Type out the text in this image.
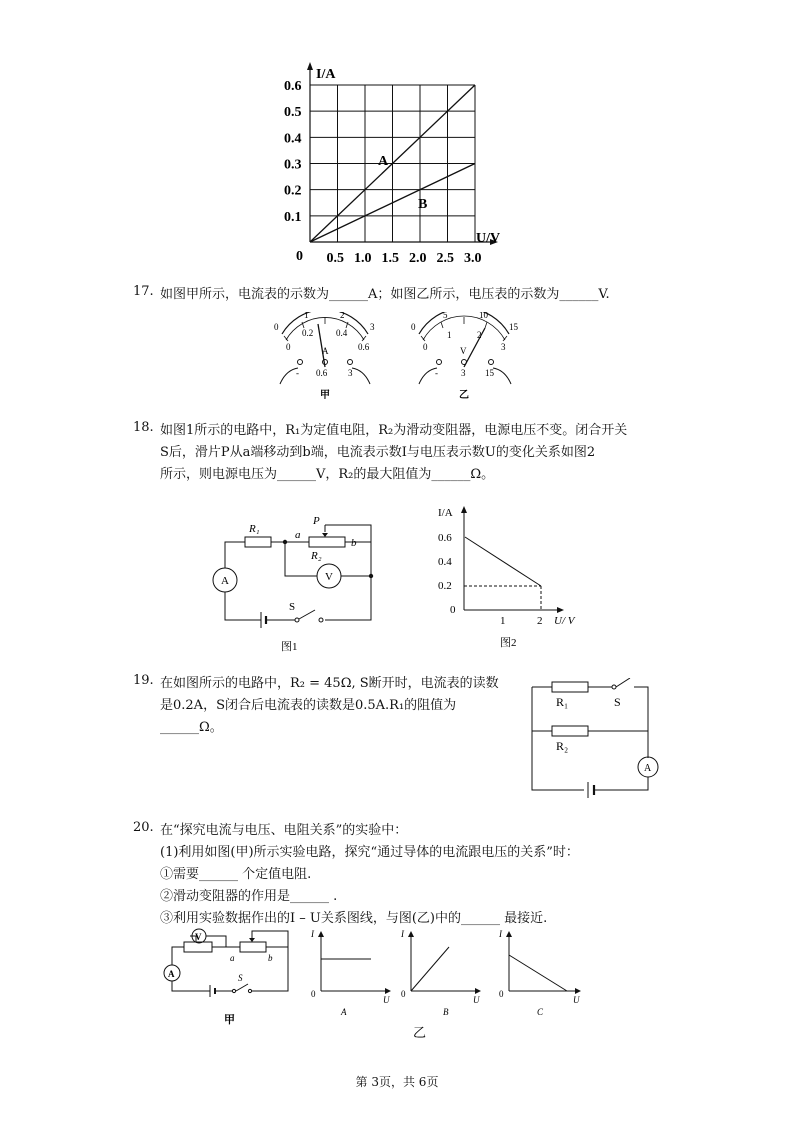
I/A
U/V
0
0.6
0.5
0.4
0.3
0.2
0.1
0.5 1.0 1.5 2.0 2.5 3.0
A
B
17. 如图甲所示，电流表的示数为______A；如图乙所示，电压表的示数为______V.
0
1	2
3
0
0.2	0.4
0.6
A
- 0.6 3
甲
0
5	10
15
0
1	2
3
V
-	3 15
乙
18. 如图1所示的电路中，R₁为定值电阻，R₂为滑动变阻器，电源电压不变。闭合开关
S后，滑片P从a端移动到b端，电流表示数I与电压表示数U的变化关系如图2
所示，则电源电压为______V，R₂的最大阻值为______Ω。
R₁
R₂
P
a
b
A	V
S
图1
I/A
U/ V
0.6
0.4
0.2
0
1	2
图2
19. 在如图所示的电路中，R₂ = 45Ω, S断开时，电流表的读数
是0.2A，S闭合后电流表的读数是0.5A.R₁的阻值为
______Ω。
R₁	S
R₂
A
20. 在“探究电流与电压、电阻关系”的实验中：
(1)利用如图(甲)所示实验电路，探究“通过导体的电流跟电压的关系”时：
①需要______ 个定值电阻.
②滑动变阻器的作用是______ .
③利用实验数据作出的I – U关系图线，与图(乙)中的______ 最接近.
V
A
a	b
S
甲
I
U
0
A
I
U
0
B
I
U
0
C
乙
第 3页，共 6页
